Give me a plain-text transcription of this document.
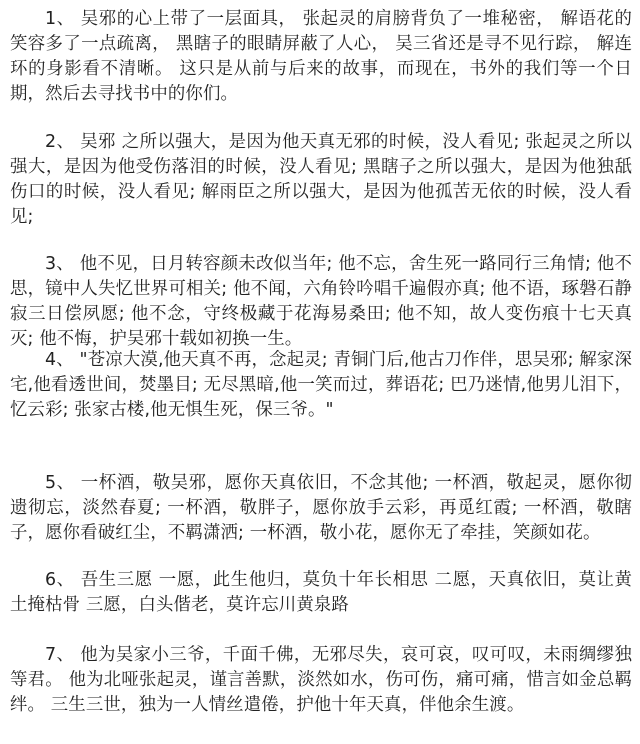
1、 吴邪的心上带了一层面具， 张起灵的肩膀背负了一堆秘密， 解语花的笑容多了一点疏离， 黑瞎子的眼睛屏蔽了人心， 吴三省还是寻不见行踪， 解连环的身影看不清晰。 这只是从前与后来的故事，而现在，书外的我们等一个日期，然后去寻找书中的你们。

2、 吴邪 之所以强大，是因为他天真无邪的时候，没人看见; 张起灵之所以强大，是因为他受伤落泪的时候，没人看见; 黑瞎子之所以强大，是因为他独舐伤口的时候，没人看见; 解雨臣之所以强大，是因为他孤苦无依的时候，没人看见;

3、 他不见，日月转容颜未改似当年; 他不忘，舍生死一路同行三角情; 他不思，镜中人失忆世界可相关; 他不闻，六角铃吟唱千遍假亦真; 他不语，琢磐石静寂三日偿夙愿; 他不念，守终极藏于花海易桑田; 他不知，故人变伤痕十七天真灭; 他不悔，护吴邪十载如初换一生。

4、 "苍凉大漠,他天真不再，念起灵; 青铜门后,他古刀作伴，思吴邪; 解家深宅,他看透世间，焚墨目; 无尽黑暗,他一笑而过，葬语花; 巴乃迷情,他男儿泪下，忆云彩; 张家古楼,他无惧生死，保三爷。"

5、 一杯酒，敬吴邪，愿你天真依旧，不念其他; 一杯酒，敬起灵，愿你彻遗彻忘，淡然春夏; 一杯酒，敬胖子，愿你放手云彩，再觅红霞; 一杯酒，敬瞎子，愿你看破红尘，不羁潇洒; 一杯酒，敬小花，愿你无了牵挂，笑颜如花。

6、 吾生三愿 一愿，此生他归，莫负十年长相思 二愿，天真依旧，莫让黄土掩枯骨 三愿，白头偕老，莫许忘川黄泉路

7、 他为吴家小三爷，千面千佛，无邪尽失，哀可哀，叹可叹，未雨绸缪独等君。 他为北哑张起灵，谨言善默，淡然如水，伤可伤，痛可痛，惜言如金总羁绊。 三生三世，独为一人情丝遣倦，护他十年天真，伴他余生渡。
